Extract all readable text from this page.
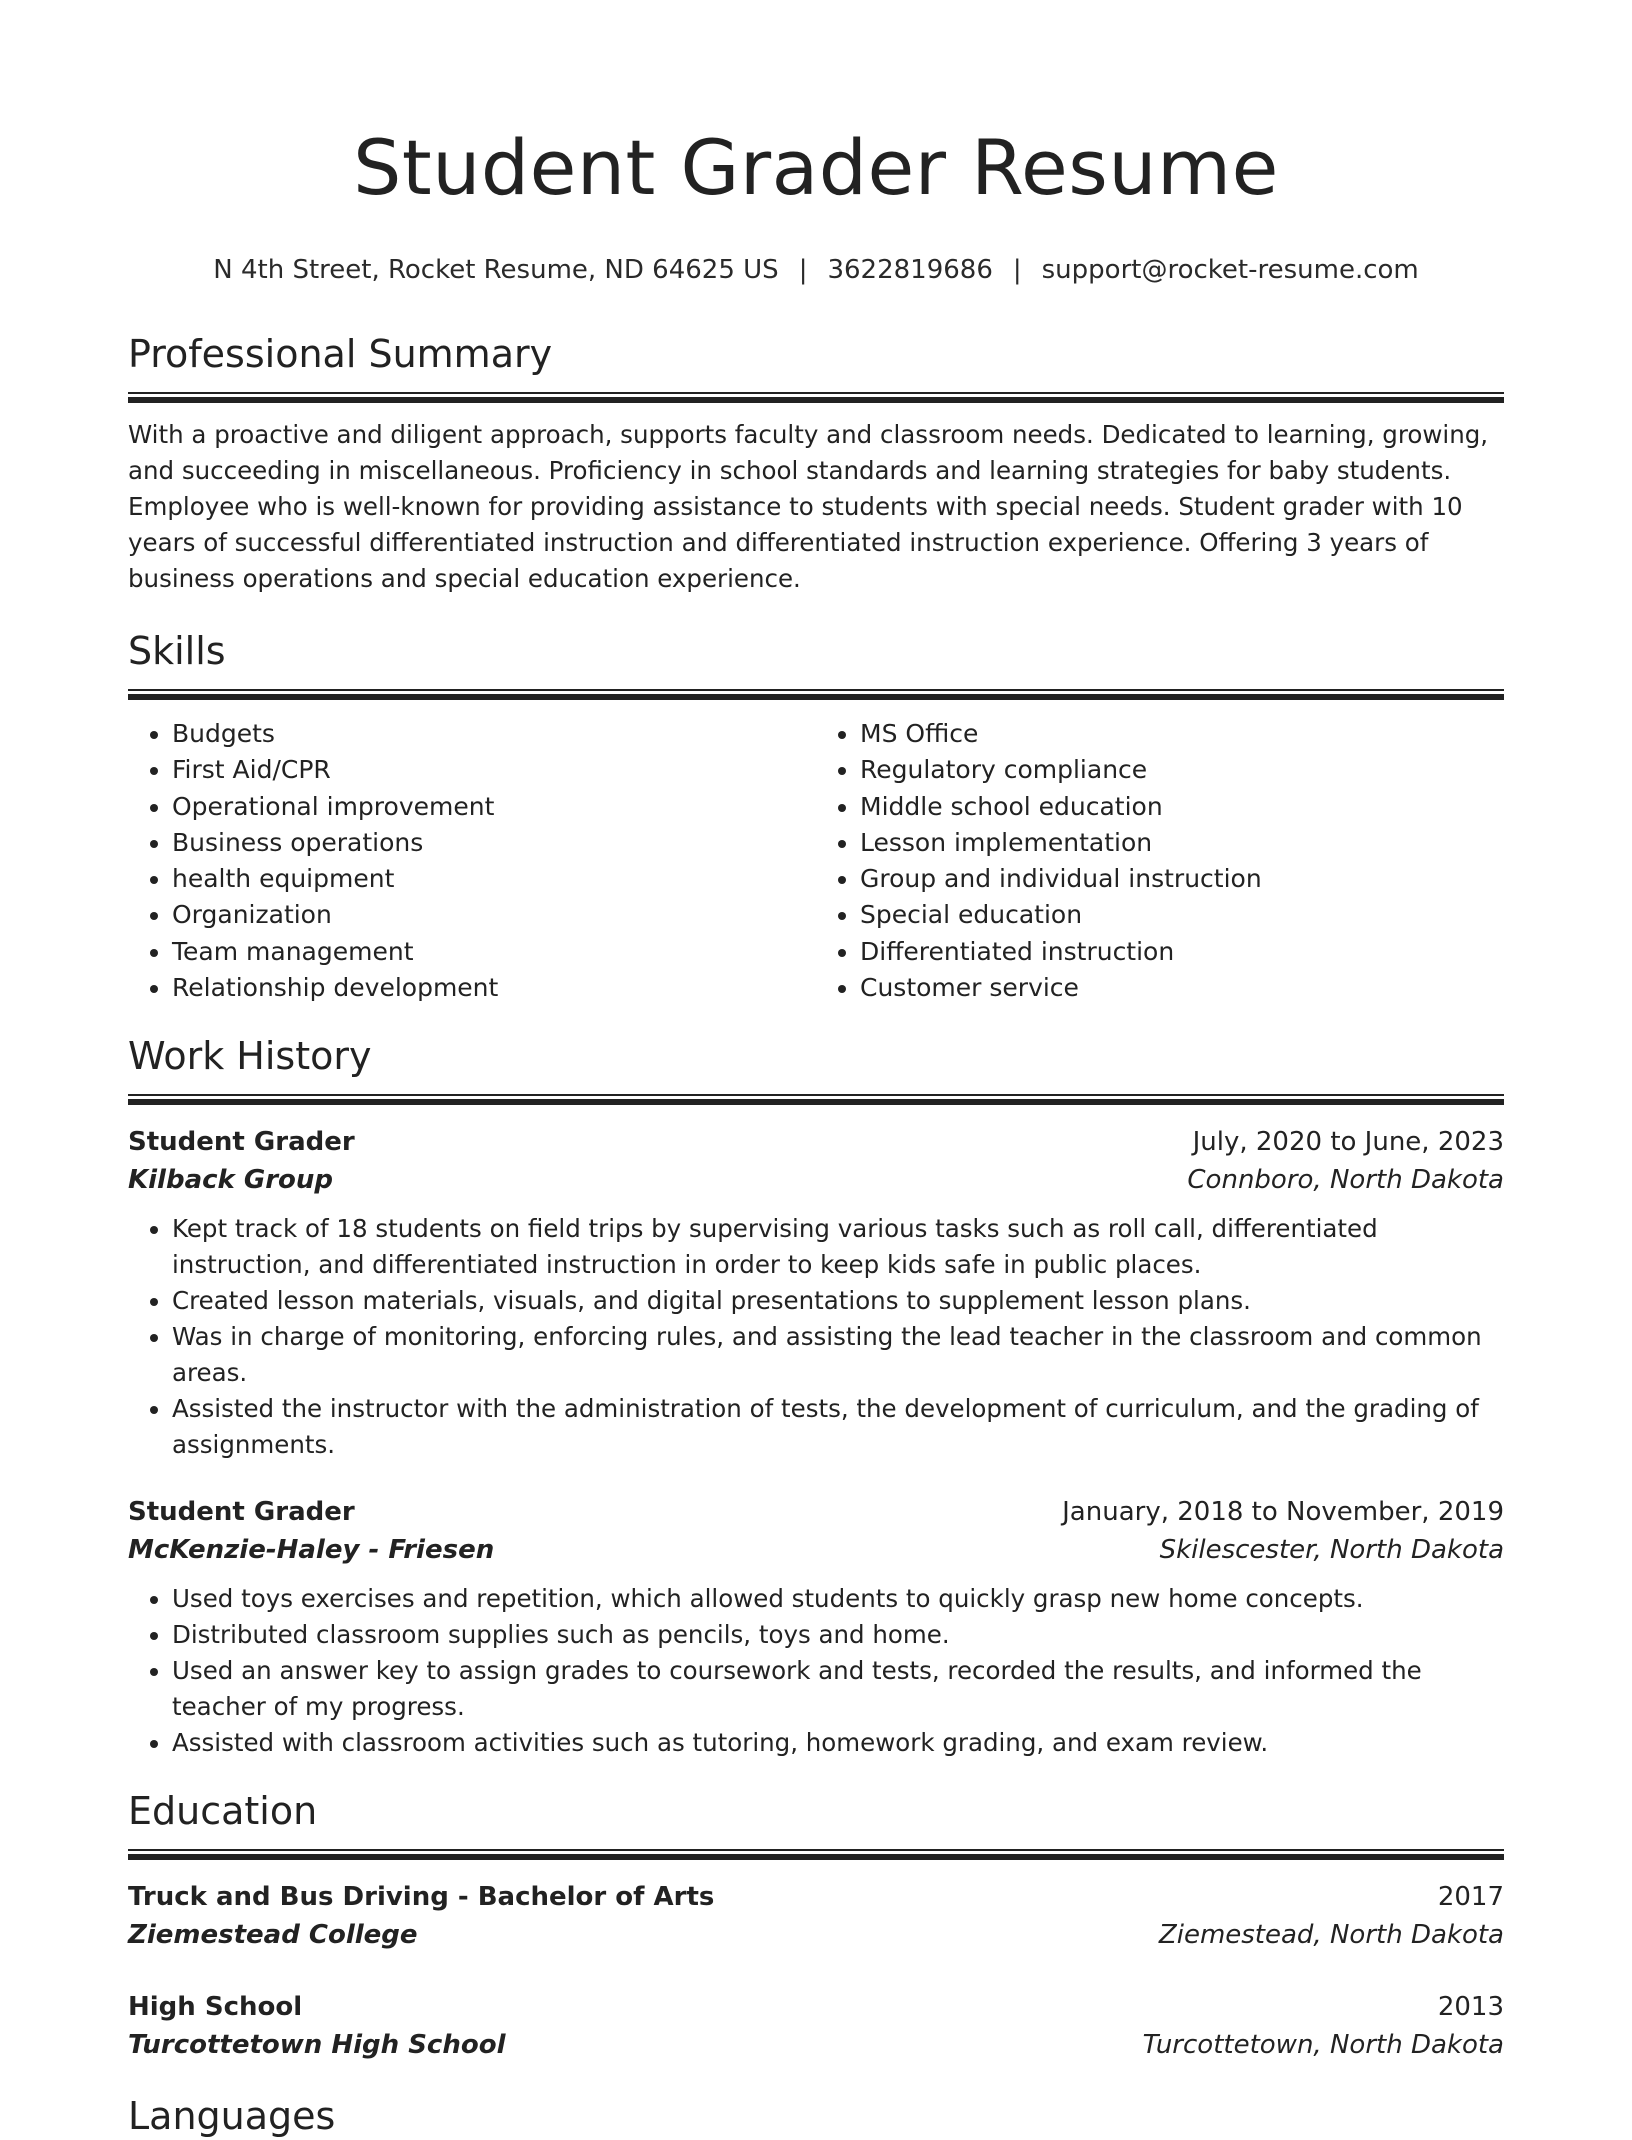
Student Grader Resume
N 4th Street, Rocket Resume, ND 64625 US | 3622819686 | support@rocket-resume.com
Professional Summary

With a proactive and diligent approach, supports faculty and classroom needs. Dedicated to learning, growing, and succeeding in miscellaneous. Proficiency in school standards and learning strategies for baby students. Employee who is well-known for providing assistance to students with special needs. Student grader with 10 years of successful differentiated instruction and differentiated instruction experience. Offering 3 years of business operations and special education experience.

Skills
• Budgets
• First Aid/CPR
• Operational improvement
• Business operations
• health equipment
• Organization
• Team management
• Relationship development
• MS Office
• Regulatory compliance
• Middle school education
• Lesson implementation
• Group and individual instruction
• Special education
• Differentiated instruction
• Customer service
Work History
Student Grader	July, 2020 to June, 2023
Kilback Group	Connboro, North Dakota
• Kept track of 18 students on field trips by supervising various tasks such as roll call, differentiated instruction, and differentiated instruction in order to keep kids safe in public places.
• Created lesson materials, visuals, and digital presentations to supplement lesson plans.
• Was in charge of monitoring, enforcing rules, and assisting the lead teacher in the classroom and common areas.
• Assisted the instructor with the administration of tests, the development of curriculum, and the grading of assignments.
Student Grader	January, 2018 to November, 2019
McKenzie-Haley - Friesen	Skilescester, North Dakota
• Used toys exercises and repetition, which allowed students to quickly grasp new home concepts.
• Distributed classroom supplies such as pencils, toys and home.
• Used an answer key to assign grades to coursework and tests, recorded the results, and informed the teacher of my progress.
• Assisted with classroom activities such as tutoring, homework grading, and exam review.
Education
Truck and Bus Driving - Bachelor of Arts	2017
Ziemestead College	Ziemestead, North Dakota
High School	2013
Turcottetown High School	Turcottetown, North Dakota
Languages
